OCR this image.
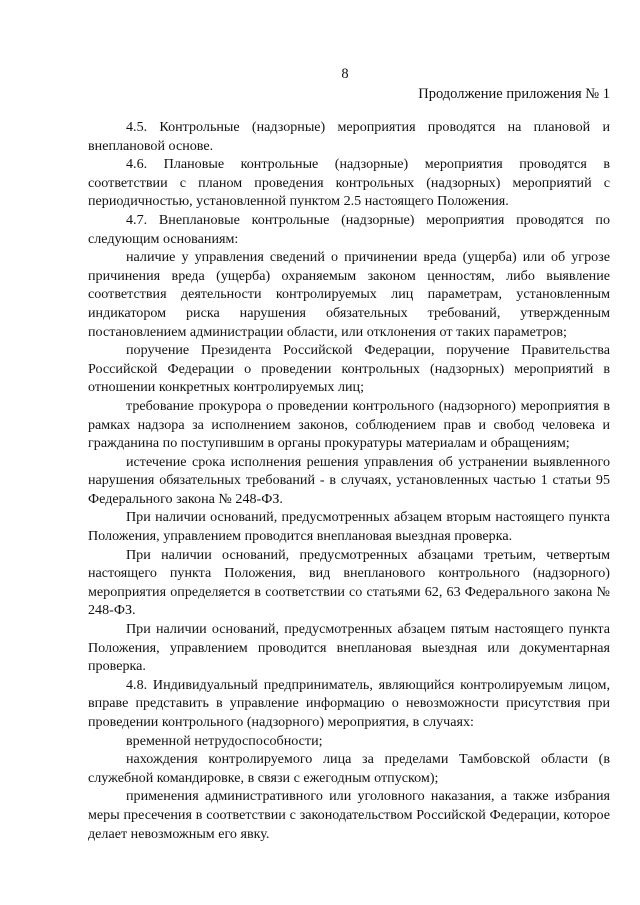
8
Продолжение приложения № 1

4.5. Контрольные (надзорные) мероприятия проводятся на плановой и внеплановой основе.

4.6. Плановые контрольные (надзорные) мероприятия проводятся в соответствии с планом проведения контрольных (надзорных) мероприятий с периодичностью, установленной пунктом 2.5 настоящего Положения.

4.7. Внеплановые контрольные (надзорные) мероприятия проводятся по следующим основаниям:

наличие у управления сведений о причинении вреда (ущерба) или об угрозе причинения вреда (ущерба) охраняемым законом ценностям, либо выявление соответствия деятельности контролируемых лиц параметрам, установленным индикатором риска нарушения обязательных требований, утвержденным постановлением администрации области, или отклонения от таких параметров;

поручение Президента Российской Федерации, поручение Правительства Российской Федерации о проведении контрольных (надзорных) мероприятий в отношении конкретных контролируемых лиц;

требование прокурора о проведении контрольного (надзорного) мероприятия в рамках надзора за исполнением законов, соблюдением прав и свобод человека и гражданина по поступившим в органы прокуратуры материалам и обращениям;

истечение срока исполнения решения управления об устранении выявленного нарушения обязательных требований - в случаях, установленных частью 1 статьи 95 Федерального закона № 248-ФЗ.

При наличии оснований, предусмотренных абзацем вторым настоящего пункта Положения, управлением проводится внеплановая выездная проверка.

При наличии оснований, предусмотренных абзацами третьим, четвертым настоящего пункта Положения, вид внепланового контрольного (надзорного) мероприятия определяется в соответствии со статьями 62, 63 Федерального закона № 248-ФЗ.

При наличии оснований, предусмотренных абзацем пятым настоящего пункта Положения, управлением проводится внеплановая выездная или документарная проверка.

4.8. Индивидуальный предприниматель, являющийся контролируемым лицом, вправе представить в управление информацию о невозможности присутствия при проведении контрольного (надзорного) мероприятия, в случаях:

временной нетрудоспособности;

нахождения контролируемого лица за пределами Тамбовской области (в служебной командировке, в связи с ежегодным отпуском);

применения административного или уголовного наказания, а также избрания меры пресечения в соответствии с законодательством Российской Федерации, которое делает невозможным его явку.
